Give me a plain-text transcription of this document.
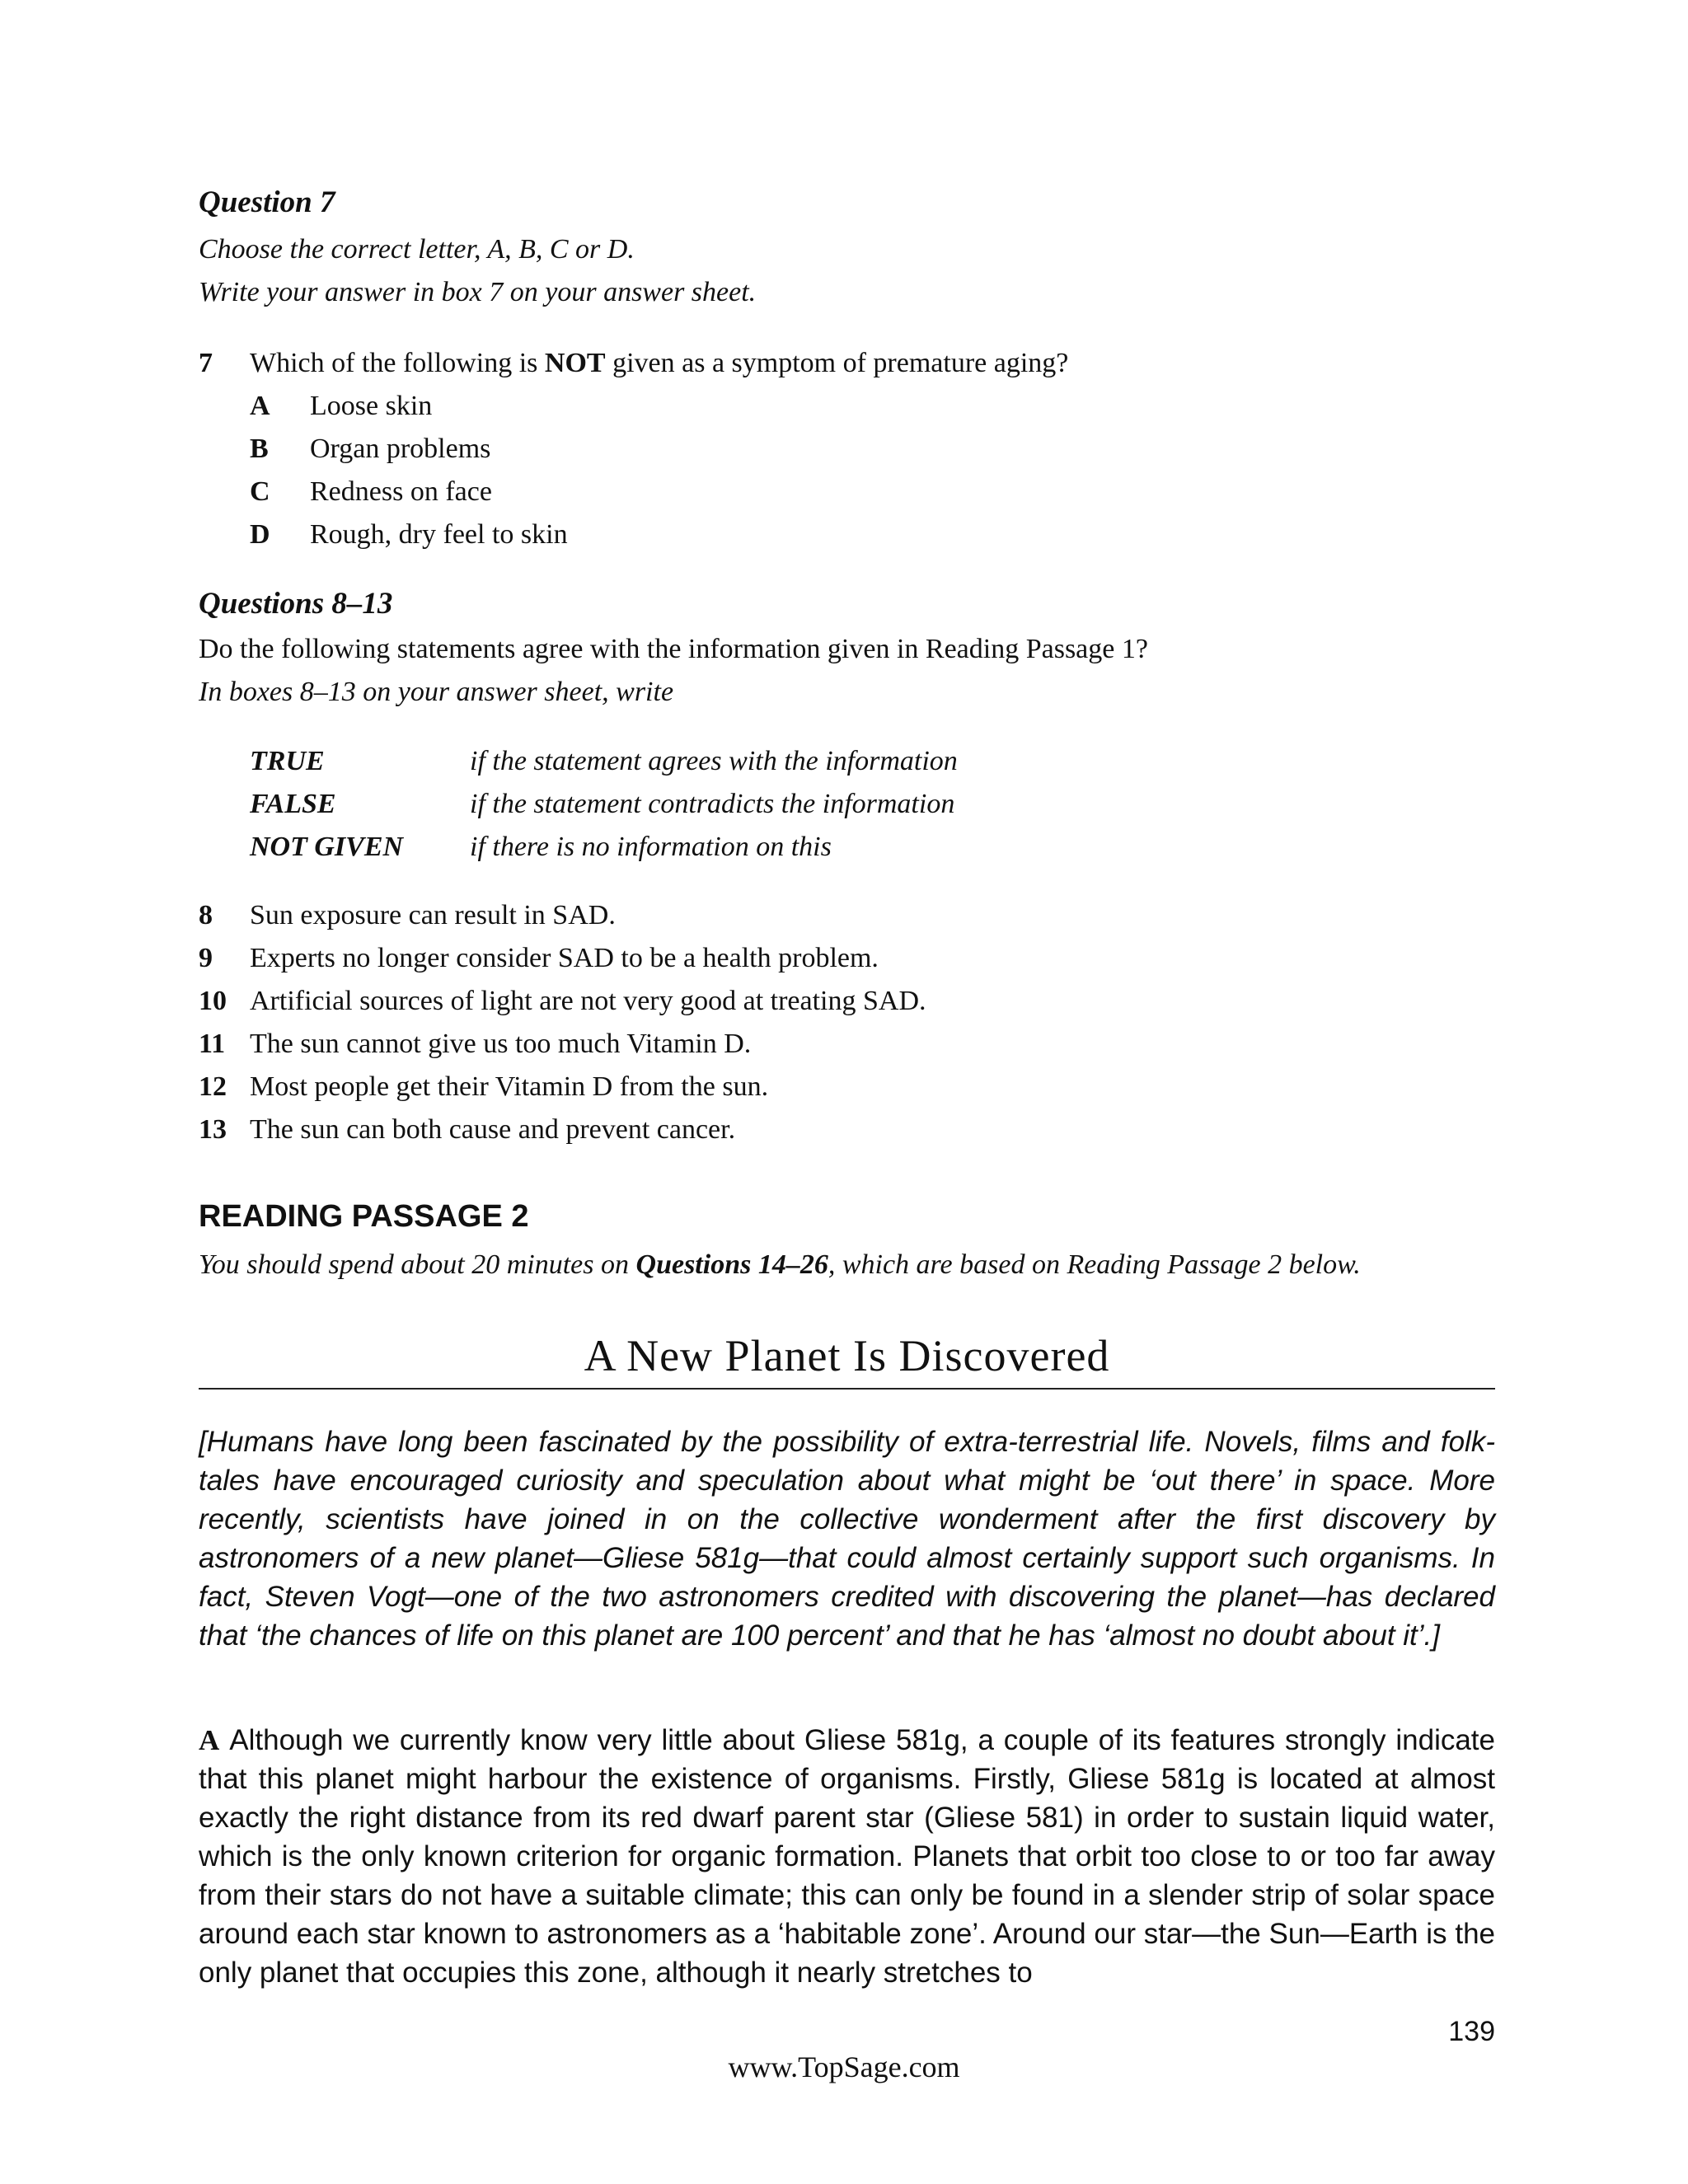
Question 7
Choose the correct letter, A, B, C or D.
Write your answer in box 7 on your answer sheet.
7 Which of the following is NOT given as a symptom of premature aging?
A Loose skin
B Organ problems
C Redness on face
D Rough, dry feel to skin
Questions 8–13
Do the following statements agree with the information given in Reading Passage 1?
In boxes 8–13 on your answer sheet, write
TRUE	if the statement agrees with the information
FALSE	if the statement contradicts the information
NOT GIVEN if there is no information on this
8 Sun exposure can result in SAD.
9 Experts no longer consider SAD to be a health problem.
10 Artificial sources of light are not very good at treating SAD.
11 The sun cannot give us too much Vitamin D.
12 Most people get their Vitamin D from the sun.
13 The sun can both cause and prevent cancer.
READING PASSAGE 2
You should spend about 20 minutes on Questions 14–26, which are based on Reading Passage 2 below.
A New Planet Is Discovered
[Humans have long been fascinated by the possibility of extra-terrestrial life. Novels, films and folk-tales have encouraged curiosity and speculation about what might be ‘out there’ in space. More recently, scientists have joined in on the collective wonderment after the first discovery by astronomers of a new planet—Gliese 581g—that could almost certainly support such organisms. In fact, Steven Vogt—one of the two astronomers credited with discovering the planet—has declared that ‘the chances of life on this planet are 100 percent’ and that he has ‘almost no doubt about it’.]
A Although we currently know very little about Gliese 581g, a couple of its features strongly indicate that this planet might harbour the existence of organisms. Firstly, Gliese 581g is located at almost exactly the right distance from its red dwarf parent star (Gliese 581) in order to sustain liquid water, which is the only known criterion for organic formation. Planets that orbit too close to or too far away from their stars do not have a suitable climate; this can only be found in a slender strip of solar space around each star known to astronomers as a ‘habitable zone’. Around our star—the Sun—Earth is the only planet that occupies this zone, although it nearly stretches to
139
www.TopSage.com
